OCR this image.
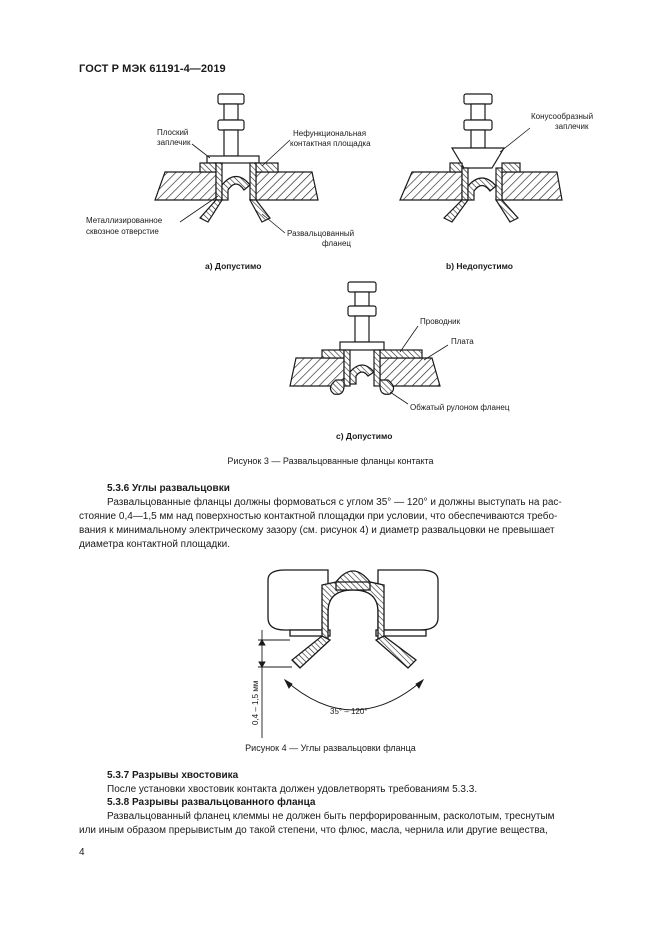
ГОСТ Р МЭК 61191-4—2019
Плоский
заплечик
Нефункциональная
контактная площадка
Металлизированное
сквозное отверстие	Развальцованный
фланец
а) Допустимо
Конусообразный
заплечик
b) Недопустимо
Проводник
Плата
Обжатый рулоном фланец
c) Допустимо
0,4 – 1,5 мм	35° – 120°
Рисунок 3 — Развальцованные фланцы контакта
5.3.6 Углы развальцовки
Развальцованные фланцы должны формоваться с углом 35° — 120° и должны выступать на рас-
стояние 0,4—1,5 мм над поверхностью контактной площадки при условии, что обеспечиваются требо-
вания к минимальному электрическому зазору (см. рисунок 4) и диаметр развальцовки не превышает
диаметра контактной площадки.
Рисунок 4 — Углы развальцовки фланца
5.3.7 Разрывы хвостовика
После установки хвостовик контакта должен удовлетворять требованиям 5.3.3.
5.3.8 Разрывы развальцованного фланца
Развальцованный фланец клеммы не должен быть перфорированным, расколотым, треснутым
или иным образом прерывистым до такой степени, что флюс, масла, чернила или другие вещества,
4
